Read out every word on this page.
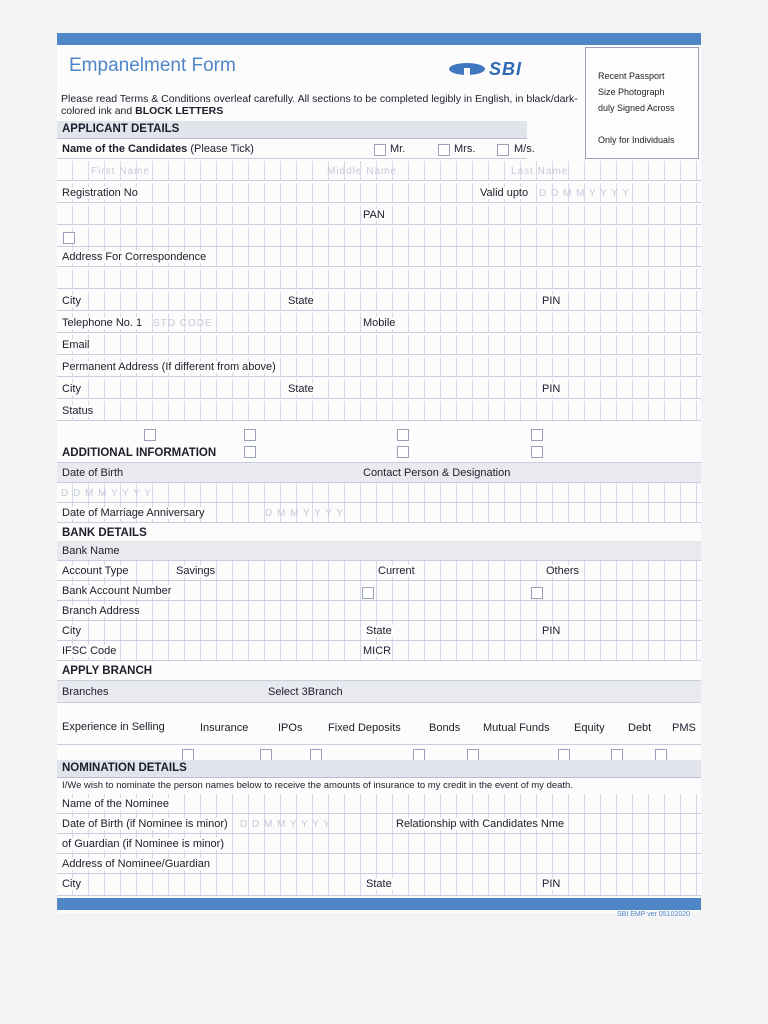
Empanelment Form	SBI	Recent Passport
Size Photograph
duly Signed Across
Only for Individuals
Please read Terms & Conditions overleaf carefully. All sections to be completed legibly in English, in black/dark-colored ink and BLOCK LETTERS
APPLICANT DETAILS
Name of the Candidates (Please Tick)	Mr.	Mrs.	M/s.
First Name	Middle Name	Last Name
Registration No	Valid upto D D M M Y Y Y Y
PAN
Address For Correspondence
City	State	PIN
Telephone No. 1 STD CODE	Mobile
Email
Permanent Address (If different from above)
City	State	PIN
Status
ADDITIONAL INFORMATION
Date of Birth	Contact Person & Designation
D D M M Y Y Y Y
Date of Marriage Anniversary	D M M Y Y Y Y
BANK DETAILS
Bank Name
Account Type	Savings	Current	Others
Bank Account Number
Branch Address
City	State	PIN
IFSC Code	MICR
APPLY BRANCH
Branches	Select 3Branch
Experience in Selling	Insurance	IPOs Fixed Deposits	Bonds Mutual Funds Equity Debt PMS
NOMINATION DETAILS
I/We wish to nominate the person names below to receive the amounts of insurance to my credit in the event of my death.
Name of the Nominee
Date of Birth (if Nominee is minor) D D M M Y Y Y Y	Relationship with Candidates Nme
of Guardian (if Nominee is minor)
Address of Nominee/Guardian
City	State	PIN
SBI EMP ver 05102020
